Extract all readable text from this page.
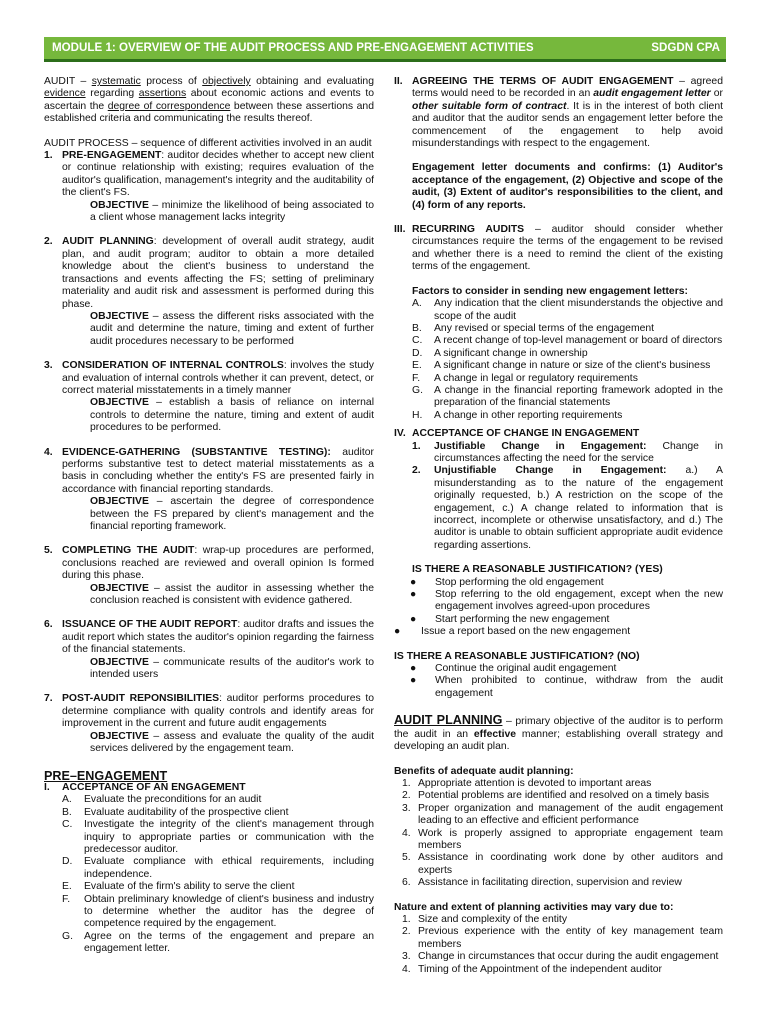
MODULE 1: OVERVIEW OF THE AUDIT PROCESS AND PRE-ENGAGEMENT ACTIVITIES	SDGDN CPA

AUDIT – systematic process of objectively obtaining and evaluating evidence regarding assertions about economic actions and events to ascertain the degree of correspondence between these assertions and established criteria and communicating the results thereof.

AUDIT PROCESS – sequence of different activities involved in an audit

1. PRE-ENGAGEMENT: auditor decides whether to accept new client or continue relationship with existing; requires evaluation of the auditor's qualification, management's integrity and the auditability of the client's FS.
OBJECTIVE – minimize the likelihood of being associated to a client whose management lacks integrity
2. AUDIT PLANNING: development of overall audit strategy, audit plan, and audit program; auditor to obtain a more detailed knowledge about the client's business to understand the transactions and events affecting the FS; setting of preliminary materiality and audit risk and assessment is performed during this phase.
OBJECTIVE – assess the different risks associated with the audit and determine the nature, timing and extent of further audit procedures necessary to be performed
3. CONSIDERATION OF INTERNAL CONTROLS: involves the study and evaluation of internal controls whether it can prevent, detect, or correct material misstatements in a timely manner
OBJECTIVE – establish a basis of reliance on internal controls to determine the nature, timing and extent of audit procedures to be performed.
4. EVIDENCE-GATHERING (SUBSTANTIVE TESTING): auditor performs substantive test to detect material misstatements as a basis in concluding whether the entity's FS are presented fairly in accordance with financial reporting standards.
OBJECTIVE – ascertain the degree of correspondence between the FS prepared by client's management and the financial reporting framework.
5. COMPLETING THE AUDIT: wrap-up procedures are performed, conclusions reached are reviewed and overall opinion Is formed during this phase.
OBJECTIVE – assist the auditor in assessing whether the conclusion reached is consistent with evidence gathered.
6. ISSUANCE OF THE AUDIT REPORT: auditor drafts and issues the audit report which states the auditor's opinion regarding the fairness of the financial statements.
OBJECTIVE – communicate results of the auditor's work to intended users
7. POST-AUDIT REPONSIBILITIES: auditor performs procedures to determine compliance with quality controls and identify areas for improvement in the current and future audit engagements
OBJECTIVE – assess and evaluate the quality of the audit services delivered by the engagement team.
PRE–ENGAGEMENT
I.	ACCEPTANCE OF AN ENGAGEMENT
A.	Evaluate the preconditions for an audit
B.	Evaluate auditability of the prospective client
C.	Investigate the integrity of the client's management through inquiry to appropriate parties or communication with the predecessor auditor.
D.	Evaluate compliance with ethical requirements, including independence.
E.	Evaluate of the firm's ability to serve the client
F.	Obtain preliminary knowledge of client's business and industry to determine whether the auditor has the degree of competence required by the engagement.
G.	Agree on the terms of the engagement and prepare an engagement letter.
II. AGREEING THE TERMS OF AUDIT ENGAGEMENT – agreed terms would need to be recorded in an audit engagement letter or other suitable form of contract. It is in the interest of both client and auditor that the auditor sends an engagement letter before the commencement of the engagement to help avoid misunderstandings with respect to the engagement.

Engagement letter documents and confirms: (1) Auditor's acceptance of the engagement, (2) Objective and scope of the audit, (3) Extent of auditor's responsibilities to the client, and (4) form of any reports.

III. RECURRING AUDITS – auditor should consider whether circumstances require the terms of the engagement to be revised and whether there is a need to remind the client of the existing terms of the engagement.

Factors to consider in sending new engagement letters:

A.	Any indication that the client misunderstands the objective and scope of the audit
B.	Any revised or special terms of the engagement
C.	A recent change of top-level management or board of directors
D.	A significant change in ownership
E.	A significant change in nature or size of the client's business
F.	A change in legal or regulatory requirements
G.	A change in the financial reporting framework adopted in the preparation of the financial statements
H.	A change in other reporting requirements
IV. ACCEPTANCE OF CHANGE IN ENGAGEMENT
1.	Justifiable Change in Engagement: Change in circumstances affecting the need for the service
2.	Unjustifiable Change in Engagement: a.) A misunderstanding as to the nature of the engagement originally requested, b.) A restriction on the scope of the engagement, c.) A change related to information that is incorrect, incomplete or otherwise unsatisfactory, and d.) The auditor is unable to obtain sufficient appropriate audit evidence regarding assertions.

IS THERE A REASONABLE JUSTIFICATION? (YES)

●	Stop performing the old engagement
●	Stop referring to the old engagement, except when the new engagement involves agreed-upon procedures
●	Start performing the new engagement
●	Issue a report based on the new engagement

IS THERE A REASONABLE JUSTIFICATION? (NO)

●	Continue the original audit engagement
●	When prohibited to continue, withdraw from the audit engagement

AUDIT PLANNING – primary objective of the auditor is to perform the audit in an effective manner; establishing overall strategy and developing an audit plan.

Benefits of adequate audit planning:

1. Appropriate attention is devoted to important areas
2. Potential problems are identified and resolved on a timely basis
3. Proper organization and management of the audit engagement leading to an effective and efficient performance
4. Work is properly assigned to appropriate engagement team members
5. Assistance in coordinating work done by other auditors and experts
6. Assistance in facilitating direction, supervision and review

Nature and extent of planning activities may vary due to:

1. Size and complexity of the entity
2. Previous experience with the entity of key management team members
3. Change in circumstances that occur during the audit engagement
4. Timing of the Appointment of the independent auditor
